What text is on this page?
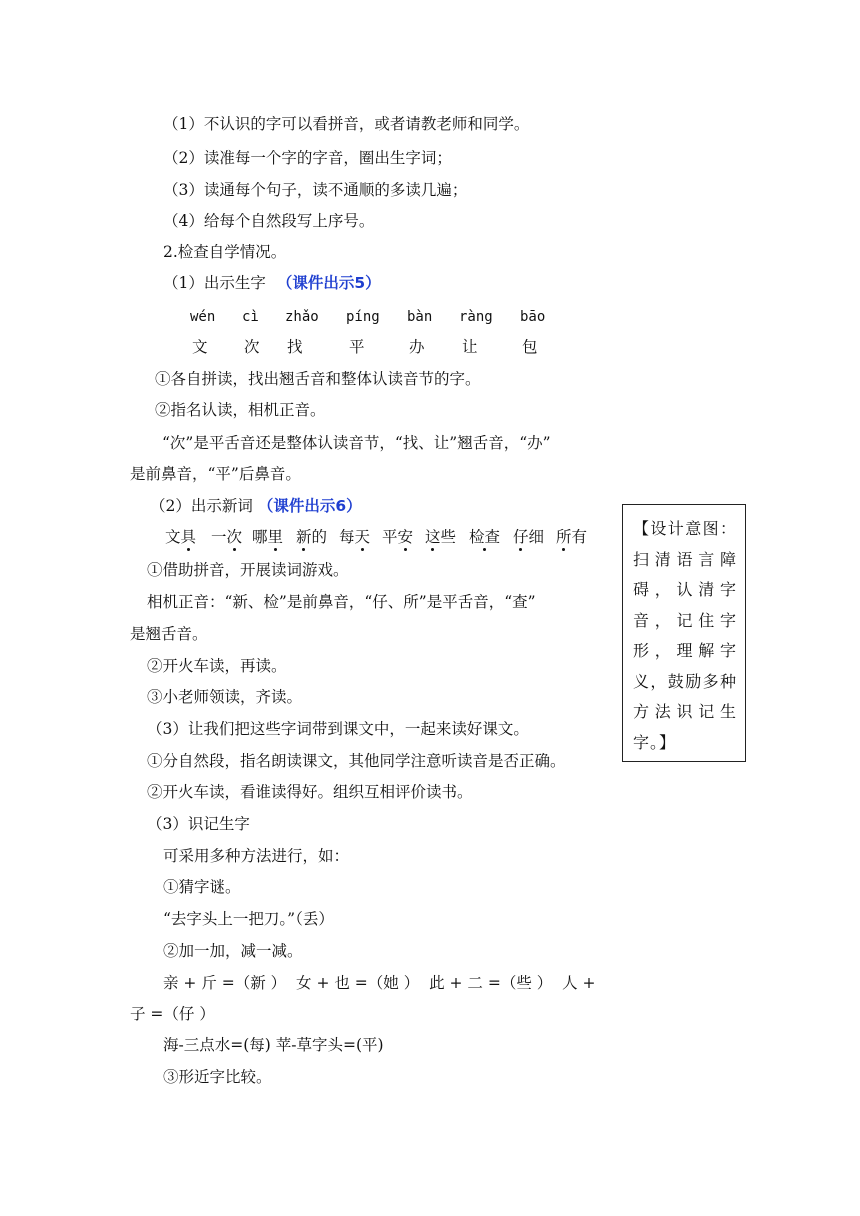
（1）不认识的字可以看拼音，或者请教老师和同学。
（2）读准每一个字的字音，圈出生字词；
（3）读通每个句子，读不通顺的多读几遍；
（4）给每个自然段写上序号。
2.检查自学情况。
（1）出示生字 （课件出示5）
wén cì zhǎo píng bàn ràng bāo
文 次 找	平	办 让	包
①各自拼读，找出翘舌音和整体认读音节的字。
②指名认读，相机正音。
“次”是平舌音还是整体认读音节，“找、让”翘舌音，“办”
是前鼻音，“平”后鼻音。
（2）出示新词 （课件出示6）
文具 一次 哪里 新的 每天 平安 这些 检查 仔细 所有
①借助拼音，开展读词游戏。
相机正音：“新、检”是前鼻音，“仔、所”是平舌音，“查”
是翘舌音。
②开火车读，再读。
③小老师领读，齐读。
（3）让我们把这些字词带到课文中，一起来读好课文。
①分自然段，指名朗读课文，其他同学注意听读音是否正确。
②开火车读，看谁读得好。组织互相评价读书。
（3）识记生字
可采用多种方法进行，如：
①猜字谜。
“去字头上一把刀。”（丢）
②加一加，减一减。
亲 + 斤 =（新 ）  女 + 也 =（她 ）  此 + 二 =（些 ）  人 +
子 =（仔 ）
海-三点水=(每) 苹-草字头=(平)
③形近字比较。
【设计意图：扫清语言障碍，认清字音，记住字形，理解字义，鼓励多种方法识记生字。】
